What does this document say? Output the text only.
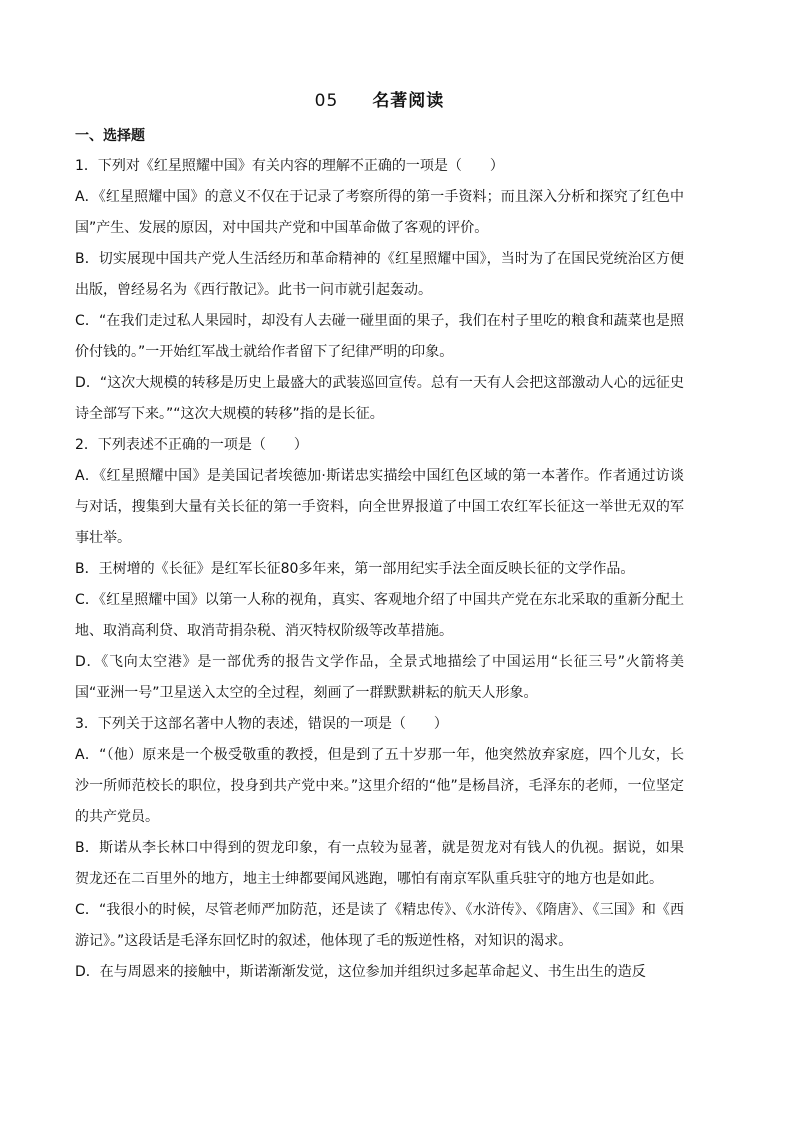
05 名著阅读
一、选择题

1．下列对《红星照耀中国》有关内容的理解不正确的一项是（　　）

A．《红星照耀中国》的意义不仅在于记录了考察所得的第一手资料；而且深入分析和探究了红色中国”产生、发展的原因，对中国共产党和中国革命做了客观的评价。

B．切实展现中国共产党人生活经历和革命精神的《红星照耀中国》，当时为了在国民党统治区方便出版，曾经易名为《西行散记》。此书一问市就引起轰动。

C．“在我们走过私人果园时，却没有人去碰一碰里面的果子，我们在村子里吃的粮食和蔬菜也是照价付钱的。”一开始红军战士就给作者留下了纪律严明的印象。

D．“这次大规模的转移是历史上最盛大的武装巡回宣传。总有一天有人会把这部激动人心的远征史诗全部写下来。”“这次大规模的转移”指的是长征。

2．下列表述不正确的一项是（　　）

A．《红星照耀中国》是美国记者埃德加·斯诺忠实描绘中国红色区域的第一本著作。作者通过访谈与对话，搜集到大量有关长征的第一手资料，向全世界报道了中国工农红军长征这一举世无双的军事壮举。

B．王树增的《长征》是红军长征80多年来，第一部用纪实手法全面反映长征的文学作品。

C．《红星照耀中国》以第一人称的视角，真实、客观地介绍了中国共产党在东北采取的重新分配土地、取消高利贷、取消苛捐杂税、消灭特权阶级等改革措施。

D．《飞向太空港》是一部优秀的报告文学作品，全景式地描绘了中国运用“长征三号”火箭将美国“亚洲一号”卫星送入太空的全过程，刻画了一群默默耕耘的航天人形象。

3．下列关于这部名著中人物的表述，错误的一项是（　　）

A．“（他）原来是一个极受敬重的教授，但是到了五十岁那一年，他突然放弃家庭，四个儿女，长沙一所师范校长的职位，投身到共产党中来。”这里介绍的“他”是杨昌济，毛泽东的老师，一位坚定的共产党员。

B．斯诺从李长林口中得到的贺龙印象，有一点较为显著，就是贺龙对有钱人的仇视。据说，如果贺龙还在二百里外的地方，地主士绅都要闻风逃跑，哪怕有南京军队重兵驻守的地方也是如此。

C．“我很小的时候，尽管老师严加防范，还是读了《精忠传》、《水浒传》、《隋唐》、《三国》和《西游记》。”这段话是毛泽东回忆时的叙述，他体现了毛的叛逆性格，对知识的渴求。

D．在与周恩来的接触中，斯诺渐渐发觉，这位参加并组织过多起革命起义、书生出生的造反
